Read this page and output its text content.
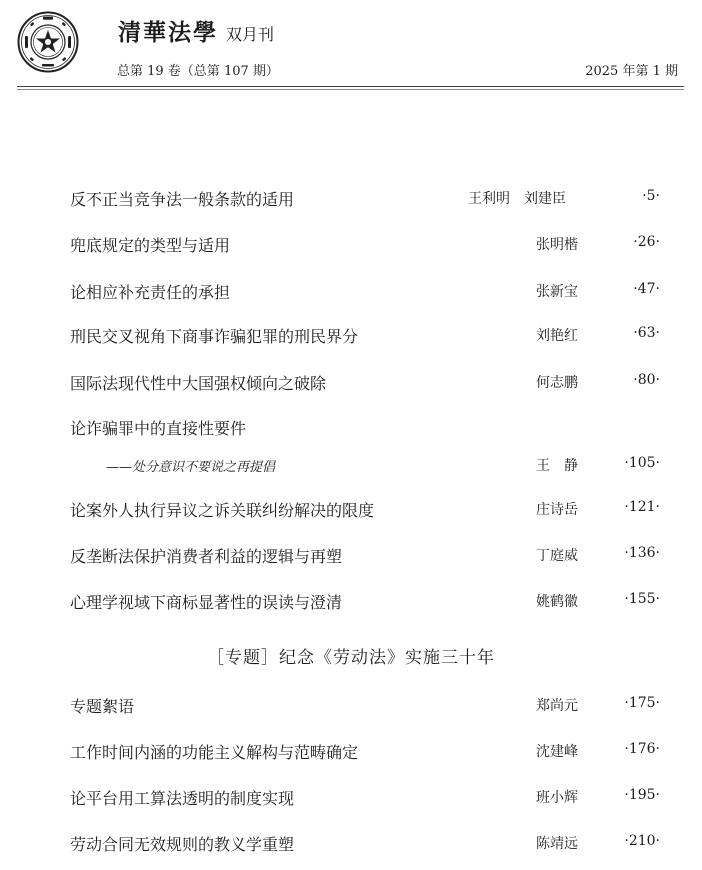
清華法學 双月刊
总第 19 卷（总第 107 期）	2025 年第 1 期
反不正当竞争法一般条款的适用	王利明　刘建臣	·5·
兜底规定的类型与适用	张明楷	·26·
论相应补充责任的承担	张新宝	·47·
刑民交叉视角下商事诈骗犯罪的刑民界分	刘艳红	·63·
国际法现代性中大国强权倾向之破除	何志鹏	·80·
论诈骗罪中的直接性要件
——处分意识不要说之再提倡	王　静	·105·
论案外人执行异议之诉关联纠纷解决的限度	庄诗岳	·121·
反垄断法保护消费者利益的逻辑与再塑	丁庭威	·136·
心理学视域下商标显著性的误读与澄清	姚鹤徽	·155·
［专题］纪念《劳动法》实施三十年
专题絮语	郑尚元	·175·
工作时间内涵的功能主义解构与范畴确定	沈建峰	·176·
论平台用工算法透明的制度实现	班小辉	·195·
劳动合同无效规则的教义学重塑	陈靖远	·210·
